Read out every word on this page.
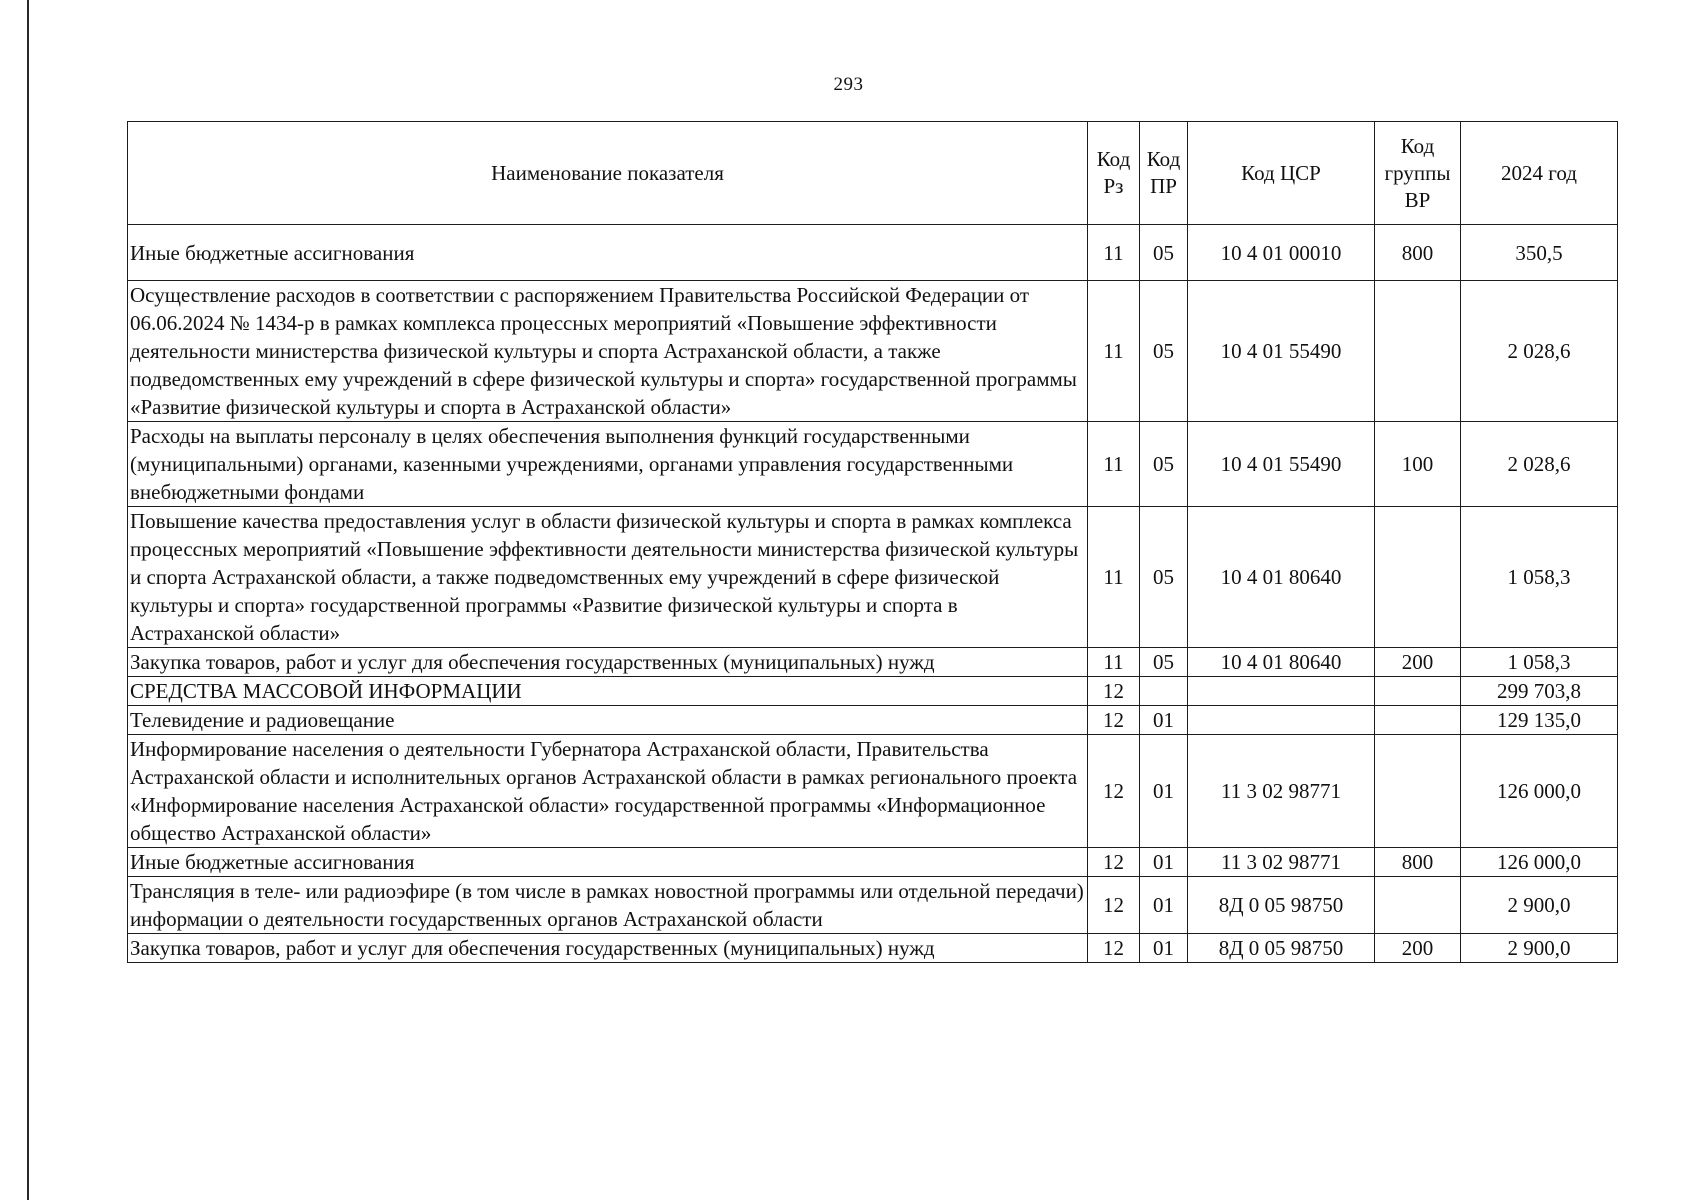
293
Наименование показателя	Код Рз	Код ПР	Код ЦСР	Код группы ВР	2024 год
Иные бюджетные ассигнования	11	05	10 4 01 00010	800	350,5
Осуществление расходов в соответствии с распоряжением Правительства Российской Федерации от 06.06.2024 № 1434-р в рамках комплекса процессных мероприятий «Повышение эффективности деятельности министерства физической культуры и спорта Астраханской области, а также подведомственных ему учреждений в сфере физической культуры и спорта» государственной программы «Развитие физической культуры и спорта в Астраханской области»	11	05	10 4 01 55490		2 028,6
Расходы на выплаты персоналу в целях обеспечения выполнения функций государственными (муниципальными) органами, казенными учреждениями, органами управления государственными внебюджетными фондами	11	05	10 4 01 55490	100	2 028,6
Повышение качества предоставления услуг в области физической культуры и спорта в рамках комплекса процессных мероприятий «Повышение эффективности деятельности министерства физической культуры и спорта Астраханской области, а также подведомственных ему учреждений в сфере физической культуры и спорта» государственной программы «Развитие физической культуры и спорта в Астраханской области»	11	05	10 4 01 80640		1 058,3
Закупка товаров, работ и услуг для обеспечения государственных (муниципальных) нужд	11	05	10 4 01 80640	200	1 058,3
СРЕДСТВА МАССОВОЙ ИНФОРМАЦИИ	12				299 703,8
Телевидение и радиовещание	12	01			129 135,0
Информирование населения о деятельности Губернатора Астраханской области, Правительства Астраханской области и исполнительных органов Астраханской области в рамках регионального проекта «Информирование населения Астраханской области» государственной программы «Информационное общество Астраханской области»	12	01	11 3 02 98771		126 000,0
Иные бюджетные ассигнования	12	01	11 3 02 98771	800	126 000,0
Трансляция в теле- или радиоэфире (в том числе в рамках новостной программы или отдельной передачи) информации о деятельности государственных органов Астраханской области	12	01	8Д 0 05 98750		2 900,0
Закупка товаров, работ и услуг для обеспечения государственных (муниципальных) нужд	12	01	8Д 0 05 98750	200	2 900,0
